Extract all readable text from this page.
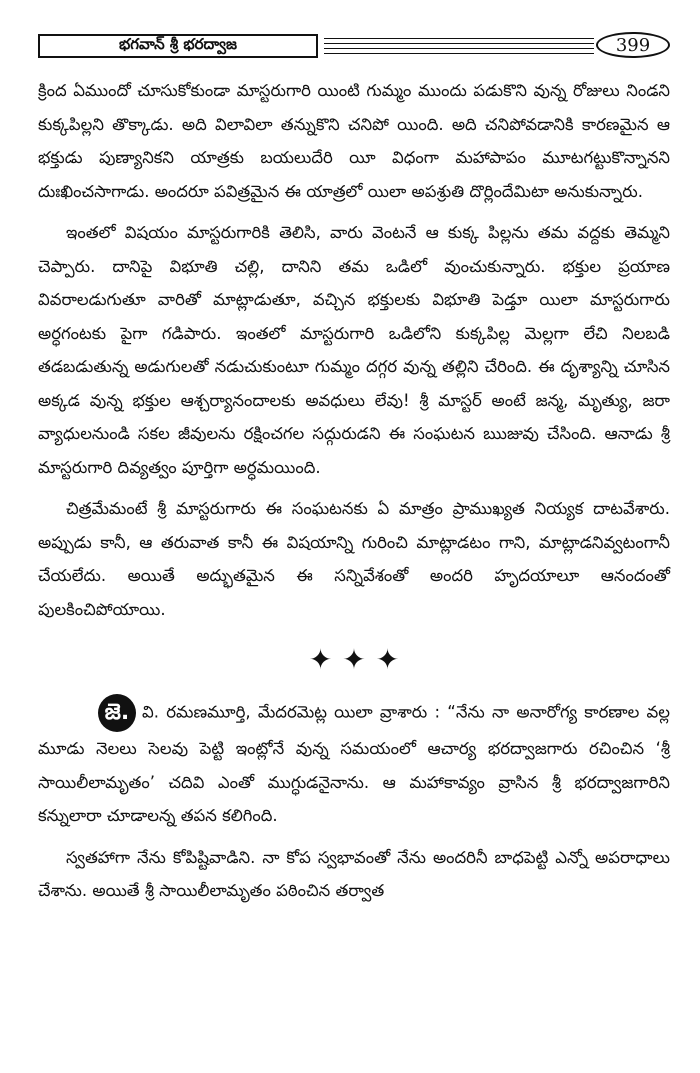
భగవాన్ శ్రీ భరద్వాజ	399

క్రింద ఏముందో చూసుకోకుండా మాస్టరుగారి యింటి గుమ్మం ముందు పడుకొని వున్న రోజులు నిండని కుక్కపిల్లని తొక్కాడు. అది విలావిలా తన్నుకొని చనిపో యింది. అది చనిపోవడానికి కారణమైన ఆ భక్తుడు పుణ్యానికని యాత్రకు బయలుదేరి యీ విధంగా మహాపాపం మూటగట్టుకొన్నానని దుఃఖించసాగాడు. అందరూ పవిత్రమైన ఈ యాత్రలో యిలా అపశ్రుతి దొర్లిందేమిటా అనుకున్నారు.

ఇంతలో విషయం మాస్టరుగారికి తెలిసి, వారు వెంటనే ఆ కుక్క పిల్లను తమ వద్దకు తెమ్మని చెప్పారు. దానిపై విభూతి చల్లి, దానిని తమ ఒడిలో వుంచుకున్నారు. భక్తుల ప్రయాణ వివరాలడుగుతూ వారితో మాట్లాడుతూ, వచ్చిన భక్తులకు విభూతి పెడ్తూ యిలా మాస్టరుగారు అర్ధగంటకు పైగా గడిపారు. ఇంతలో మాస్టరుగారి ఒడిలోని కుక్కపిల్ల మెల్లగా లేచి నిలబడి తడబడుతున్న అడుగులతో నడుచుకుంటూ గుమ్మం దగ్గర వున్న తల్లిని చేరింది. ఈ దృశ్యాన్ని చూసిన అక్కడ వున్న భక్తుల ఆశ్చర్యానందాలకు అవధులు లేవు! శ్రీ మాస్టర్ అంటే జన్మ, మృత్యు, జరా వ్యాధులనుండి సకల జీవులను రక్షించగల సద్గురుడని ఈ సంఘటన ఋజువు చేసింది. ఆనాడు శ్రీ మాస్టరుగారి దివ్యత్వం పూర్తిగా అర్ధమయింది.

చిత్రమేమంటే శ్రీ మాస్టరుగారు ఈ సంఘటనకు ఏ మాత్రం ప్రాముఖ్యత నియ్యక దాటవేశారు. అప్పుడు కానీ, ఆ తరువాత కానీ ఈ విషయాన్ని గురించి మాట్లాడటం గాని, మాట్లాడనివ్వటంగానీ చేయలేదు. అయితే అద్భుతమైన ఈ సన్నివేశంతో అందరి హృదయాలూ ఆనందంతో పులకించిపోయాయి.

✦ ✦ ✦

జె. వి. రమణమూర్తి, మేదరమెట్ల యిలా వ్రాశారు : “నేను నా అనారోగ్య కారణాల వల్ల మూడు నెలలు సెలవు పెట్టి ఇంట్లోనే వున్న సమయంలో ఆచార్య భరద్వాజగారు రచించిన ‘శ్రీ సాయిలీలామృతం’ చదివి ఎంతో ముగ్ధుడనైనాను. ఆ మహాకావ్యం వ్రాసిన శ్రీ భరద్వాజగారిని కన్నులారా చూడాలన్న తపన కలిగింది.

స్వతహాగా నేను కోపిష్టివాడిని. నా కోప స్వభావంతో నేను అందరినీ బాధపెట్టి ఎన్నో అపరాధాలు చేశాను. అయితే శ్రీ సాయిలీలామృతం పఠించిన తర్వాత
